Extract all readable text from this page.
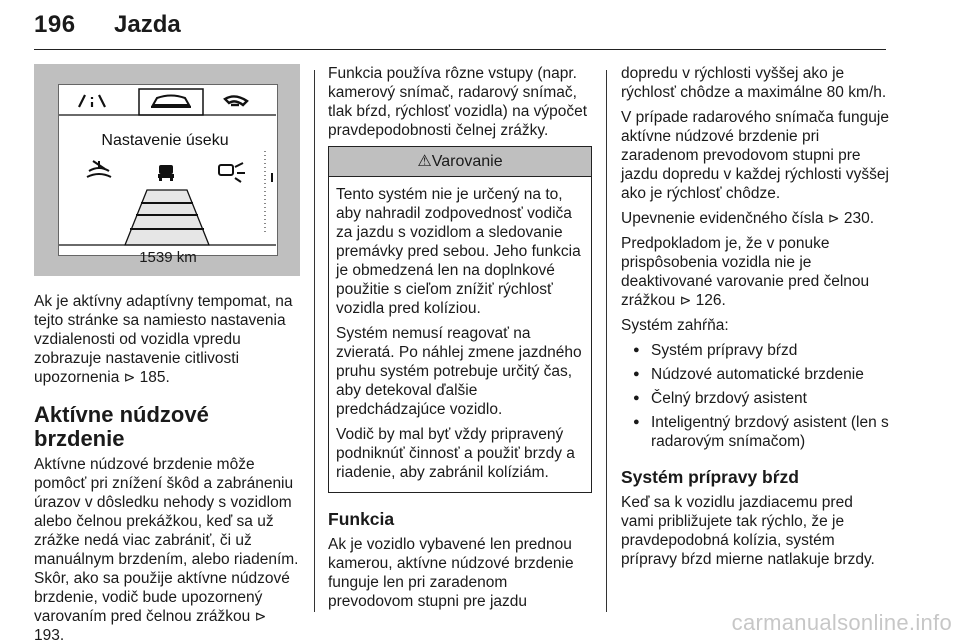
196 Jazda
Nastavenie úseku
1539 km

Ak je aktívny adaptívny tempomat, na tejto stránke sa namiesto nastavenia vzdialenosti od vozidla vpredu zobrazuje nastavenie citlivosti upozornenia ⊳ 185.

Aktívne núdzové brzdenie

Aktívne núdzové brzdenie môže pomôcť pri znížení škôd a zabráneniu úrazov v dôsledku nehody s vozidlom alebo čelnou prekážkou, keď sa už zrážke nedá viac zabrániť, či už manuálnym brzdením, alebo riadením. Skôr, ako sa použije aktívne núdzové brzdenie, vodič bude upozornený varovaním pred čelnou zrážkou ⊳ 193.

Funkcia používa rôzne vstupy (napr. kamerový snímač, radarový snímač, tlak bŕzd, rýchlosť vozidla) na výpočet pravdepodobnosti čelnej zrážky.

⚠Varovanie

Tento systém nie je určený na to, aby nahradil zodpovednosť vodiča za jazdu s vozidlom a sledovanie premávky pred sebou. Jeho funkcia je obmedzená len na doplnkové použitie s cieľom znížiť rýchlosť vozidla pred kolíziou.

Systém nemusí reagovať na zvieratá. Po náhlej zmene jazdného pruhu systém potrebuje určitý čas, aby detekoval ďalšie predchádzajúce vozidlo.

Vodič by mal byť vždy pripravený podniknúť činnosť a použiť brzdy a riadenie, aby zabránil kolíziám.

Funkcia

Ak je vozidlo vybavené len prednou kamerou, aktívne núdzové brzdenie funguje len pri zaradenom prevodovom stupni pre jazdu

dopredu v rýchlosti vyššej ako je rýchlosť chôdze a maximálne 80 km/h.

V prípade radarového snímača funguje aktívne núdzové brzdenie pri zaradenom prevodovom stupni pre jazdu dopredu v každej rýchlosti vyššej ako je rýchlosť chôdze.

Upevnenie evidenčného čísla ⊳ 230.

Predpokladom je, že v ponuke prispôsobenia vozidla nie je deaktivované varovanie pred čelnou zrážkou ⊳ 126.

Systém zahŕňa:

● Systém prípravy bŕzd
● Núdzové automatické brzdenie
● Čelný brzdový asistent
● Inteligentný brzdový asistent (len s radarovým snímačom)
Systém prípravy bŕzd

Keď sa k vozidlu jazdiacemu pred vami približujete tak rýchlo, že je pravdepodobná kolízia, systém prípravy bŕzd mierne natlakuje brzdy.

carmanualsonline.info
